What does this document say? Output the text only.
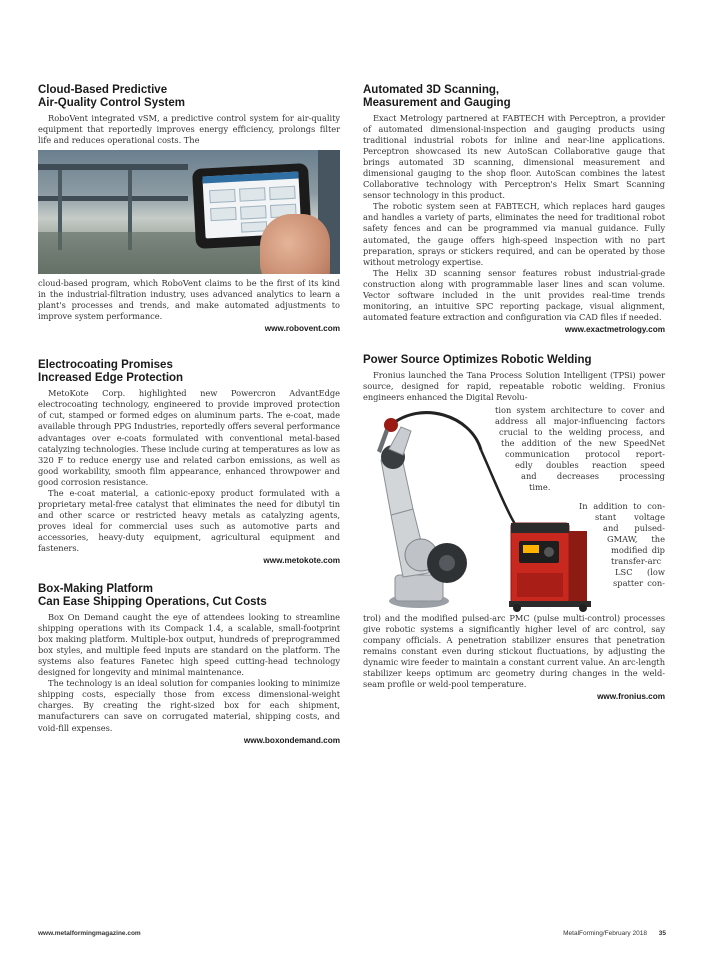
Cloud-Based Predictive
Air-Quality Control System

RoboVent integrated vSM, a predictive control system for air-quality equipment that reportedly improves energy efficiency, prolongs filter life and reduces operational costs. The

cloud-based program, which RoboVent claims to be the first of its kind in the industrial-filtration industry, uses advanced analytics to learn a plant's processes and trends, and make automated adjustments to improve system performance.

www.robovent.com
Electrocoating Promises
Increased Edge Protection

MetoKote Corp. highlighted new Powercron AdvantEdge electrocoating technology, engineered to provide improved protection of cut, stamped or formed edges on aluminum parts. The e-coat, made available through PPG Industries, reportedly offers several performance advantages over e-coats formulated with conventional metal-based catalyzing technologies. These include curing at temperatures as low as 320 F to reduce energy use and related carbon emissions, as well as good workability, smooth film appearance, enhanced throwpower and good corrosion resistance.

The e-coat material, a cationic-epoxy product formulated with a proprietary metal-free catalyst that eliminates the need for dibutyl tin and other scarce or restricted heavy metals as catalyzing agents, proves ideal for commercial uses such as automotive parts and accessories, heavy-duty equipment, agricultural equipment and fasteners.

www.metokote.com
Box-Making Platform
Can Ease Shipping Operations, Cut Costs

Box On Demand caught the eye of attendees looking to streamline shipping operations with its Compack 1.4, a scalable, small-footprint box making platform. Multiple-box output, hundreds of preprogrammed box styles, and multiple feed inputs are standard on the platform. The systems also features Fanetec high speed cutting-head technology designed for longevity and minimal maintenance.

The technology is an ideal solution for companies looking to minimize shipping costs, especially those from excess dimensional-weight charges. By creating the right-sized box for each shipment, manufacturers can save on corrugated material, shipping costs, and void-fill expenses.

www.boxondemand.com
Automated 3D Scanning,
Measurement and Gauging

Exact Metrology partnered at FABTECH with Perceptron, a provider of automated dimensional-inspection and gauging products using traditional industrial robots for inline and near-line applications. Perceptron showcased its new AutoScan Collaborative gauge that brings automated 3D scanning, dimensional measurement and dimensional gauging to the shop floor. AutoScan combines the latest Collaborative technology with Perceptron's Helix Smart Scanning sensor technology in this product.

The robotic system seen at FABTECH, which replaces hard gauges and handles a variety of parts, eliminates the need for traditional robot safety fences and can be programmed via manual guidance. Fully automated, the gauge offers high-speed inspection with no part preparation, sprays or stickers required, and can be operated by those without metrology expertise.

The Helix 3D scanning sensor features robust industrial-grade construction along with programmable laser lines and scan volume. Vector software included in the unit provides real-time trends monitoring, an intuitive SPC reporting package, visual alignment, automated feature extraction and configuration via CAD files if needed.

www.exactmetrology.com
Power Source Optimizes Robotic Welding

Fronius launched the Tana Process Solution Intelligent (TPSi) power source, designed for rapid, repeatable robotic welding. Fronius engineers enhanced the Digital Revolu-

tion system architecture to cover and
address all major-influencing factors
crucial to the welding process, and
the addition of the new SpeedNet
communication protocol report-
edly doubles reaction speed
and decreases processing
time.
In addition to con-
stant voltage
and pulsed-
GMAW, the
modified dip
transfer-arc
LSC (low
spatter con-

trol) and the modified pulsed-arc PMC (pulse multi-control) processes give robotic systems a significantly higher level of arc control, say company officials. A penetration stabilizer ensures that penetration remains constant even during stickout fluctuations, by adjusting the dynamic wire feeder to maintain a constant current value. An arc-length stabilizer keeps optimum arc geometry during changes in the weld-seam profile or weld-pool temperature.

www.fronius.com
www.metalformingmagazine.com	MetalForming/February 2018 35
